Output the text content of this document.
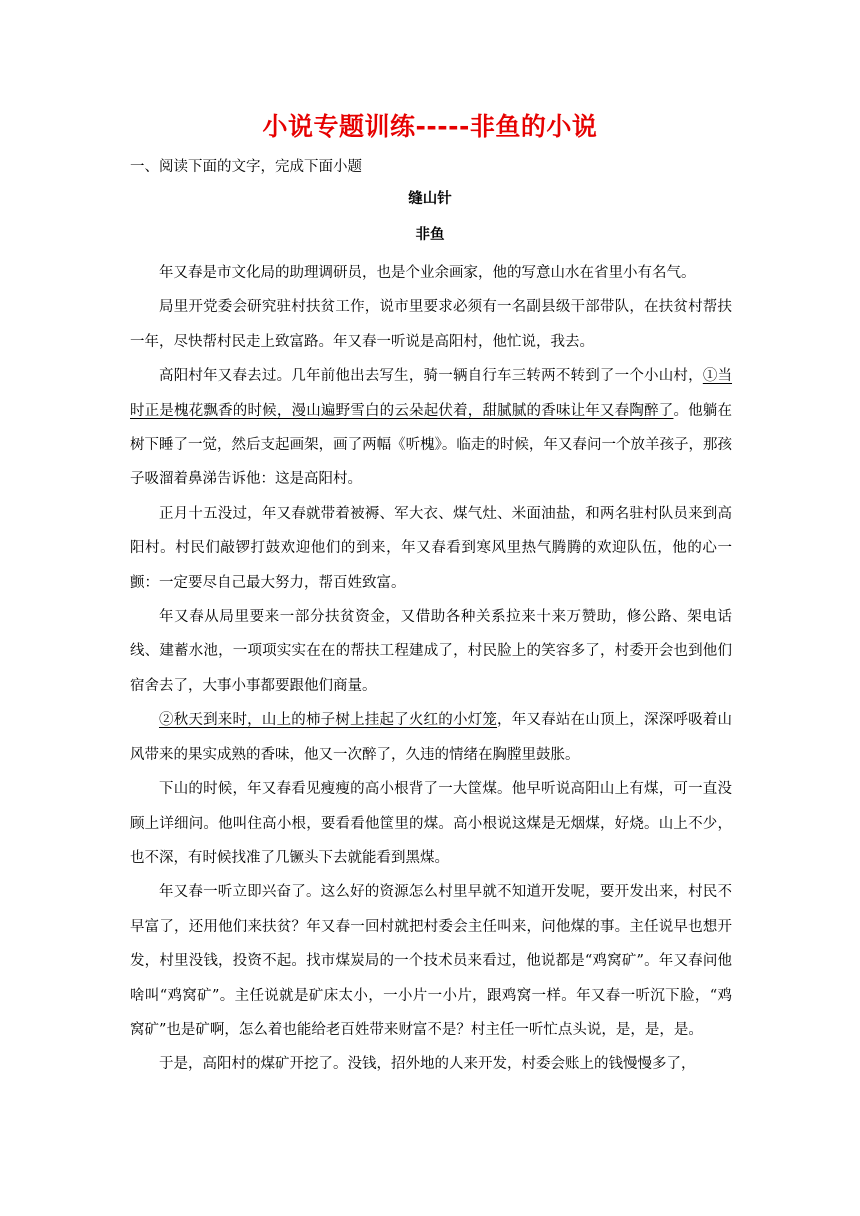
小说专题训练-----非鱼的小说
一、阅读下面的文字，完成下面小题
缝山针
非鱼

年又春是市文化局的助理调研员，也是个业余画家，他的写意山水在省里小有名气。

局里开党委会研究驻村扶贫工作，说市里要求必须有一名副县级干部带队，在扶贫村帮扶一年，尽快帮村民走上致富路。年又春一听说是高阳村，他忙说，我去。

高阳村年又春去过。几年前他出去写生，骑一辆自行车三转两不转到了一个小山村，①当时正是槐花飘香的时候，漫山遍野雪白的云朵起伏着，甜腻腻的香味让年又春陶醉了。他躺在树下睡了一觉，然后支起画架，画了两幅《听槐》。临走的时候，年又春问一个放羊孩子，那孩子吸溜着鼻涕告诉他：这是高阳村。

正月十五没过，年又春就带着被褥、军大衣、煤气灶、米面油盐，和两名驻村队员来到高阳村。村民们敲锣打鼓欢迎他们的到来，年又春看到寒风里热气腾腾的欢迎队伍，他的心一颤：一定要尽自己最大努力，帮百姓致富。

年又春从局里要来一部分扶贫资金，又借助各种关系拉来十来万赞助，修公路、架电话线、建蓄水池，一项项实实在在的帮扶工程建成了，村民脸上的笑容多了，村委开会也到他们宿舍去了，大事小事都要跟他们商量。

②秋天到来时，山上的柿子树上挂起了火红的小灯笼，年又春站在山顶上，深深呼吸着山风带来的果实成熟的香味，他又一次醉了，久违的情绪在胸膛里鼓胀。

下山的时候，年又春看见瘦瘦的高小根背了一大筐煤。他早听说高阳山上有煤，可一直没顾上详细问。他叫住高小根，要看看他筐里的煤。高小根说这煤是无烟煤，好烧。山上不少，也不深，有时候找准了几镢头下去就能看到黑煤。

年又春一听立即兴奋了。这么好的资源怎么村里早就不知道开发呢，要开发出来，村民不早富了，还用他们来扶贫？年又春一回村就把村委会主任叫来，问他煤的事。主任说早也想开发，村里没钱，投资不起。找市煤炭局的一个技术员来看过，他说都是“鸡窝矿”。年又春问他啥叫“鸡窝矿”。主任说就是矿床太小，一小片一小片，跟鸡窝一样。年又春一听沉下脸，“鸡窝矿”也是矿啊，怎么着也能给老百姓带来财富不是？村主任一听忙点头说，是，是，是。

于是，高阳村的煤矿开挖了。没钱，招外地的人来开发，村委会账上的钱慢慢多了，
